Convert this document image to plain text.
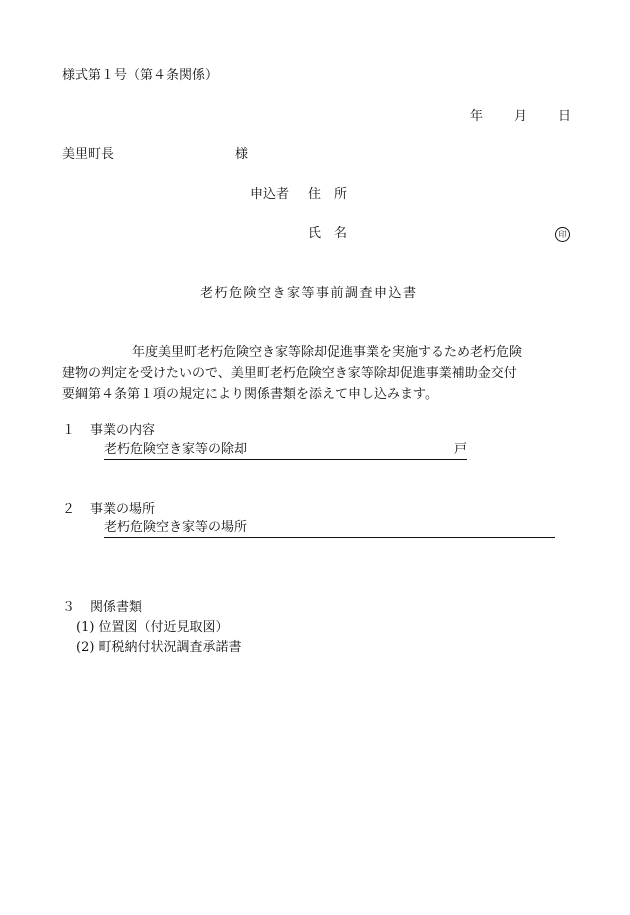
様式第１号（第４条関係）
年 月 日
美里町長	様
申込者 住　所
氏　名	印
老朽危険空き家等事前調査申込書
年度美里町老朽危険空き家等除却促進事業を実施するため老朽危険
建物の判定を受けたいので、美里町老朽危険空き家等除却促進事業補助金交付
要綱第４条第１項の規定により関係書類を添えて申し込みます。
１ 事業の内容
老朽危険空き家等の除却	戸
２ 事業の場所
老朽危険空き家等の場所
３ 関係書類
(1) 位置図（付近見取図）
(2) 町税納付状況調査承諾書
